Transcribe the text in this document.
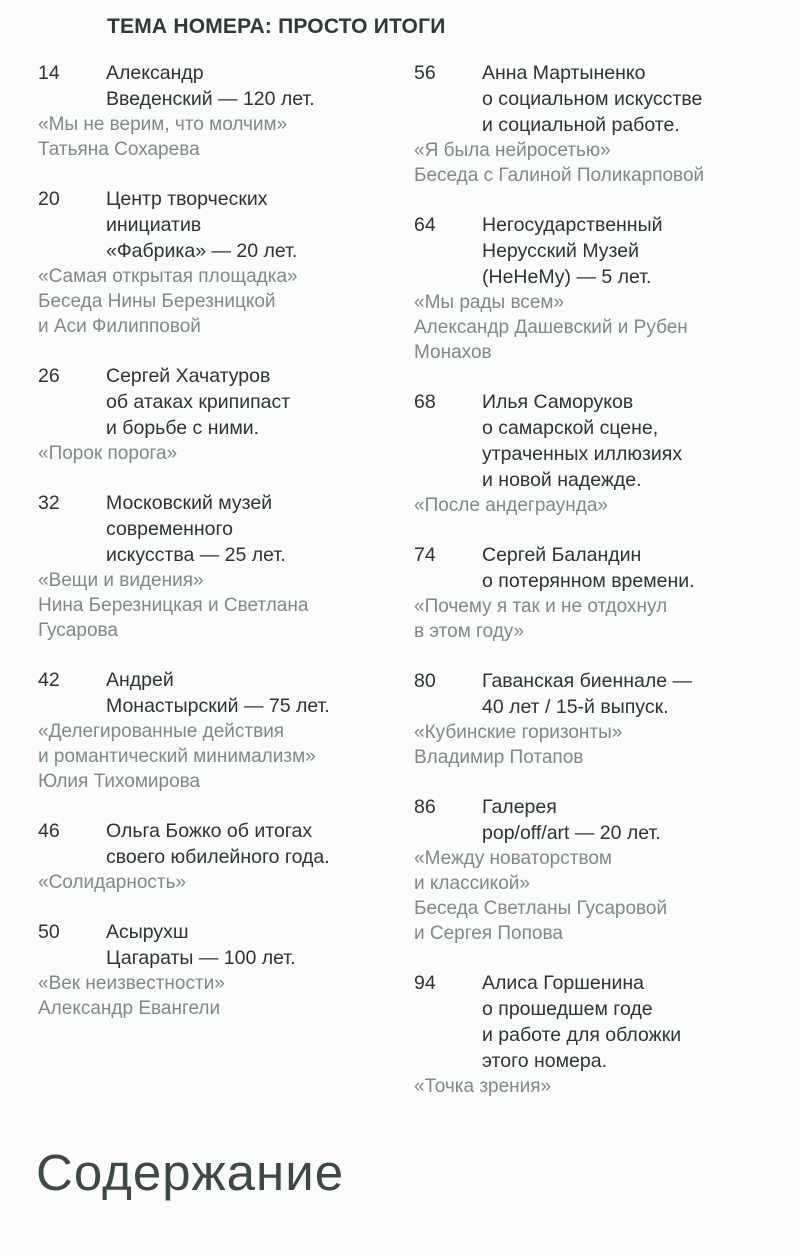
ТЕМА НОМЕРА: ПРОСТО ИТОГИ
14 Александр
Введенский — 120 лет.
«Мы не верим, что молчим»
Татьяна Сохарева
20 Центр творческих
инициатив
«Фабрика» — 20 лет.
«Самая открытая площадка»
Беседа Нины Березницкой
и Аси Филипповой
26 Сергей Хачатуров
об атаках крипипаст
и борьбе с ними.
«Порок порога»
32 Московский музей
современного
искусства — 25 лет.
«Вещи и видения»
Нина Березницкая и Светлана
Гусарова
42 Андрей
Монастырский — 75 лет.
«Делегированные действия
и романтический минимализм»
Юлия Тихомирова
46 Ольга Божко об итогах
своего юбилейного года.
«Солидарность»
50 Асырухш
Цагараты — 100 лет.
«Век неизвестности»
Александр Евангели
56 Анна Мартыненко
о социальном искусстве
и социальной работе.
«Я была нейросетью»
Беседа с Галиной Поликарповой
64 Негосударственный
Нерусский Музей
(НеНеМу) — 5 лет.
«Мы рады всем»
Александр Дашевский и Рубен
Монахов
68 Илья Саморуков
о самарской сцене,
утраченных иллюзиях
и новой надежде.
«После андеграунда»
74 Сергей Баландин
о потерянном времени.
«Почему я так и не отдохнул
в этом году»
80 Гаванская биеннале —
40 лет / 15-й выпуск.
«Кубинские горизонты»
Владимир Потапов
86 Галерея
pop/off/art — 20 лет.
«Между новаторством
и классикой»
Беседа Светланы Гусаровой
и Сергея Попова
94 Алиса Горшенина
о прошедшем годе
и работе для обложки
этого номера.
«Точка зрения»
Содержание
